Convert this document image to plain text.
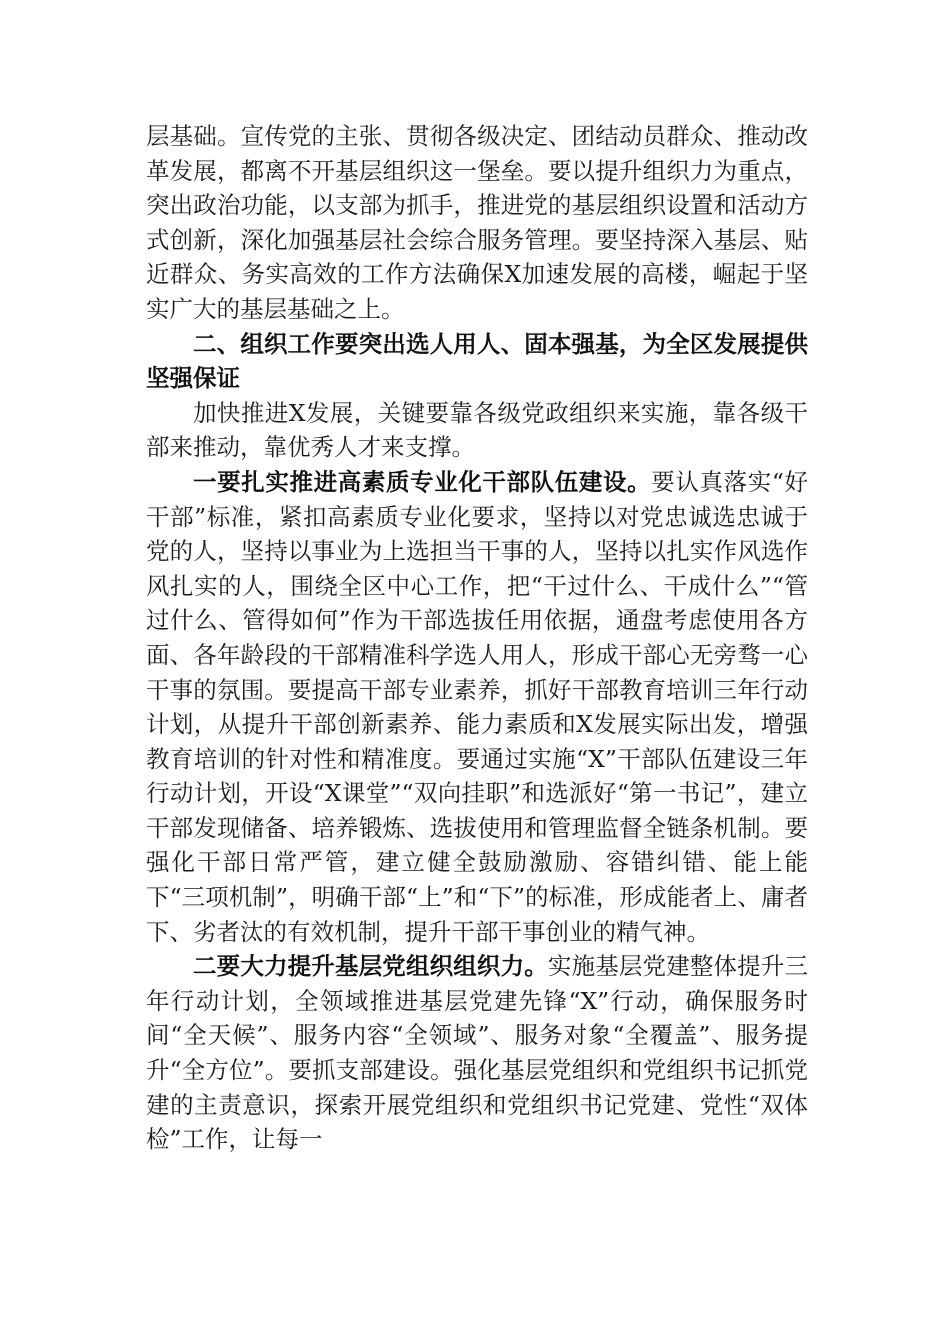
层基础。宣传党的主张、贯彻各级决定、团结动员群众、推动改革发展，都离不开基层组织这一堡垒。要以提升组织力为重点，突出政治功能，以支部为抓手，推进党的基层组织设置和活动方式创新，深化加强基层社会综合服务管理。要坚持深入基层、贴近群众、务实高效的工作方法确保X加速发展的高楼，崛起于坚实广大的基层基础之上。

二、组织工作要突出选人用人、固本强基，为全区发展提供坚强保证

加快推进X发展，关键要靠各级党政组织来实施，靠各级干部来推动，靠优秀人才来支撑。

一要扎实推进高素质专业化干部队伍建设。要认真落实“好干部”标准，紧扣高素质专业化要求，坚持以对党忠诚选忠诚于党的人，坚持以事业为上选担当干事的人，坚持以扎实作风选作风扎实的人，围绕全区中心工作，把“干过什么、干成什么”“管过什么、管得如何”作为干部选拔任用依据，通盘考虑使用各方面、各年龄段的干部精准科学选人用人，形成干部心无旁骛一心干事的氛围。要提高干部专业素养，抓好干部教育培训三年行动计划，从提升干部创新素养、能力素质和X发展实际出发，增强教育培训的针对性和精准度。要通过实施“X”干部队伍建设三年行动计划，开设“X课堂”“双向挂职”和选派好“第一书记”，建立干部发现储备、培养锻炼、选拔使用和管理监督全链条机制。要强化干部日常严管，建立健全鼓励激励、容错纠错、能上能下“三项机制”，明确干部“上”和“下”的标准，形成能者上、庸者下、劣者汰的有效机制，提升干部干事创业的精气神。

二要大力提升基层党组织组织力。实施基层党建整体提升三年行动计划，全领域推进基层党建先锋“X”行动，确保服务时间“全天候”、服务内容“全领域”、服务对象“全覆盖”、服务提升“全方位”。要抓支部建设。强化基层党组织和党组织书记抓党建的主责意识，探索开展党组织和党组织书记党建、党性“双体检”工作，让每一
